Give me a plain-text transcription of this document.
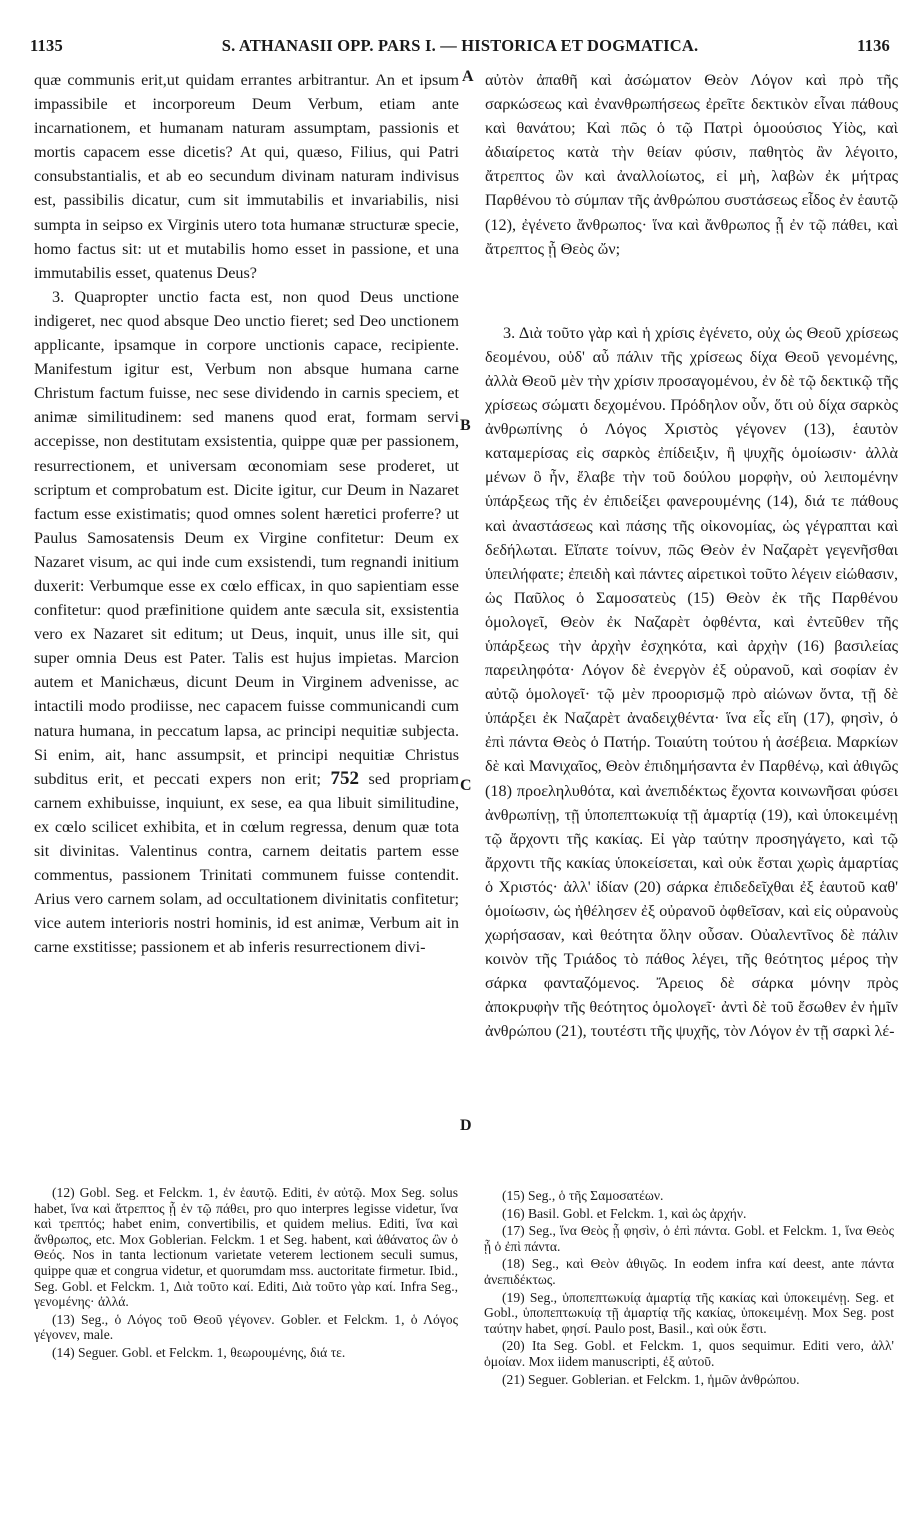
1135	S. ATHANASII OPP. PARS I. — HISTORICA ET DOGMATICA.	1136
A
B
C
D

quæ communis erit,ut quidam errantes arbitrantur. An et ipsum impassibile et incorporeum Deum Verbum, etiam ante incarnationem, et humanam naturam assumptam, passionis et mortis capacem esse dicetis? At qui, quæso, Filius, qui Patri consubstantialis, et ab eo secundum divinam naturam indivisus est, passibilis dicatur, cum sit immutabilis et invariabilis, nisi sumpta in seipso ex Virginis utero tota humanæ structuræ specie, homo factus sit: ut et mutabilis homo esset in passione, et una immutabilis esset, quatenus Deus?

3. Quapropter unctio facta est, non quod Deus unctione indigeret, nec quod absque Deo unctio fieret; sed Deo unctionem applicante, ipsamque in corpore unctionis capace, recipiente. Manifestum igitur est, Verbum non absque humana carne Christum factum fuisse, nec sese dividendo in carnis speciem, et animæ similitudinem: sed manens quod erat, formam servi accepisse, non destitutam exsistentia, quippe quæ per passionem, resurrectionem, et universam œconomiam sese proderet, ut scriptum et comprobatum est. Dicite igitur, cur Deum in Nazaret factum esse existimatis; quod omnes solent hæretici proferre? ut Paulus Samosatensis Deum ex Virgine confitetur: Deum ex Nazaret visum, ac qui inde cum exsistendi, tum regnandi initium duxerit: Verbumque esse ex cœlo efficax, in quo sapientiam esse confitetur: quod præfinitione quidem ante sæcula sit, exsistentia vero ex Nazaret sit editum; ut Deus, inquit, unus ille sit, qui super omnia Deus est Pater. Talis est hujus impietas. Marcion autem et Manichæus, dicunt Deum in Virginem advenisse, ac intactili modo prodiisse, nec capacem fuisse communicandi cum natura humana, in peccatum lapsa, ac principi nequitiæ subjecta. Si enim, ait, hanc assumpsit, et principi nequitiæ Christus subditus erit, et peccati expers non erit; 752 sed propriam carnem exhibuisse, inquiunt, ex sese, ea qua libuit similitudine, ex cœlo scilicet exhibita, et in cœlum regressa, denum quæ tota sit divinitas. Valentinus contra, carnem deitatis partem esse commentus, passionem Trinitati communem fuisse contendit. Arius vero carnem solam, ad occultationem divinitatis confitetur; vice autem interioris nostri hominis, id est animæ, Verbum ait in carne exstitisse; passionem et ab inferis resurrectionem divi-

αὐτὸν ἀπαθῆ καὶ ἀσώματον Θεὸν Λόγον καὶ πρὸ τῆς σαρκώσεως καὶ ἐνανθρωπήσεως ἐρεῖτε δεκτικὸν εἶναι πάθους καὶ θανάτου; Καὶ πῶς ὁ τῷ Πατρὶ ὁμοούσιος Υἱὸς, καὶ ἀδιαίρετος κατὰ τὴν θείαν φύσιν, παθητὸς ἂν λέγοιτο, ἄτρεπτος ὢν καὶ ἀναλλοίωτος, εἰ μὴ, λαβὼν ἐκ μήτρας Παρθένου τὸ σύμπαν τῆς ἀνθρώπου συστάσεως εἶδος ἐν ἑαυτῷ (12), ἐγένετο ἄνθρωπος· ἵνα καὶ ἄνθρωπος ᾖ ἐν τῷ πάθει, καὶ ἄτρεπτος ᾖ Θεὸς ὤν;

3. Διὰ τοῦτο γὰρ καὶ ἡ χρίσις ἐγένετο, οὐχ ὡς Θεοῦ χρίσεως δεομένου, οὐδ' αὖ πάλιν τῆς χρίσεως δίχα Θεοῦ γενομένης, ἀλλὰ Θεοῦ μὲν τὴν χρίσιν προσαγομένου, ἐν δὲ τῷ δεκτικῷ τῆς χρίσεως σώματι δεχομένου. Πρόδηλον οὖν, ὅτι οὐ δίχα σαρκὸς ἀνθρωπίνης ὁ Λόγος Χριστὸς γέγονεν (13), ἑαυτὸν καταμερίσας εἰς σαρκὸς ἐπίδειξιν, ἢ ψυχῆς ὁμοίωσιν· ἀλλὰ μένων ὃ ἦν, ἔλαβε τὴν τοῦ δούλου μορφὴν, οὐ λειπομένην ὑπάρξεως τῆς ἐν ἐπιδείξει φανερουμένης (14), διά τε πάθους καὶ ἀναστάσεως καὶ πάσης τῆς οἰκονομίας, ὡς γέγραπται καὶ δεδήλωται. Εἴπατε τοίνυν, πῶς Θεὸν ἐν Ναζαρὲτ γεγενῆσθαι ὑπειλήφατε; ἐπειδὴ καὶ πάντες αἱρετικοὶ τοῦτο λέγειν εἰώθασιν, ὡς Παῦλος ὁ Σαμοσατεὺς (15) Θεὸν ἐκ τῆς Παρθένου ὁμολογεῖ, Θεὸν ἐκ Ναζαρὲτ ὀφθέντα, καὶ ἐντεῦθεν τῆς ὑπάρξεως τὴν ἀρχὴν ἐσχηκότα, καὶ ἀρχὴν (16) βασιλείας παρειληφότα· Λόγον δὲ ἐνεργὸν ἐξ οὐρανοῦ, καὶ σοφίαν ἐν αὐτῷ ὁμολογεῖ· τῷ μὲν προορισμῷ πρὸ αἰώνων ὄντα, τῇ δὲ ὑπάρξει ἐκ Ναζαρὲτ ἀναδειχθέντα· ἵνα εἷς εἴη (17), φησὶν, ὁ ἐπὶ πάντα Θεὸς ὁ Πατήρ. Τοιαύτη τούτου ἡ ἀσέβεια. Μαρκίων δὲ καὶ Μανιχαῖος, Θεὸν ἐπιδημήσαντα ἐν Παρθένῳ, καὶ ἀθιγῶς (18) προεληλυθότα, καὶ ἀνεπιδέκτως ἔχοντα κοινωνῆσαι φύσει ἀνθρωπίνῃ, τῇ ὑποπεπτωκυίᾳ τῇ ἁμαρτίᾳ (19), καὶ ὑποκειμένῃ τῷ ἄρχοντι τῆς κακίας. Εἰ γὰρ ταύτην προσηγάγετο, καὶ τῷ ἄρχοντι τῆς κακίας ὑποκείσεται, καὶ οὐκ ἔσται χωρὶς ἁμαρτίας ὁ Χριστός· ἀλλ' ἰδίαν (20) σάρκα ἐπιδεδεῖχθαι ἐξ ἑαυτοῦ καθ' ὁμοίωσιν, ὡς ἠθέλησεν ἐξ οὐρανοῦ ὀφθεῖσαν, καὶ εἰς οὐρανοὺς χωρήσασαν, καὶ θεότητα ὅλην οὖσαν. Οὐαλεντῖνος δὲ πάλιν κοινὸν τῆς Τριάδος τὸ πάθος λέγει, τῆς θεότητος μέρος τὴν σάρκα φανταζόμενος. Ἄρειος δὲ σάρκα μόνην πρὸς ἀποκρυφὴν τῆς θεότητος ὁμολογεῖ· ἀντὶ δὲ τοῦ ἔσωθεν ἐν ἡμῖν ἀνθρώπου (21), τουτέστι τῆς ψυχῆς, τὸν Λόγον ἐν τῇ σαρκὶ λέ-

(12) Gobl. Seg. et Felckm. 1, ἐν ἑαυτῷ. Editi, ἐν αὐτῷ. Mox Seg. solus habet, ἵνα καὶ ἄτρεπτος ᾖ ἐν τῷ πάθει, pro quo interpres legisse videtur, ἵνα καὶ τρεπτός; habet enim, convertibilis, et quidem melius. Editi, ἵνα καὶ ἄνθρωπος, etc. Mox Goblerian. Felckm. 1 et Seg. habent, καὶ ἀθάνατος ὢν ὁ Θεός. Nos in tanta lectionum varietate veterem lectionem seculi sumus, quippe quæ et congrua videtur, et quorumdam mss. auctoritate firmetur. Ibid., Seg. Gobl. et Felckm. 1, Διὰ τοῦτο καί. Editi, Διὰ τοῦτο γὰρ καί. Infra Seg., γενομένης· ἀλλά.

(13) Seg., ὁ Λόγος τοῦ Θεοῦ γέγονεν. Gobler. et Felckm. 1, ὁ Λόγος γέγονεν, male.

(14) Seguer. Gobl. et Felckm. 1, θεωρουμένης, διά τε.

(15) Seg., ὁ τῆς Σαμοσατέων.

(16) Basil. Gobl. et Felckm. 1, καὶ ὡς ἀρχήν.

(17) Seg., ἵνα Θεὸς ᾖ φησὶν, ὁ ἐπὶ πάντα. Gobl. et Felckm. 1, ἵνα Θεὸς ᾖ ὁ ἐπὶ πάντα.

(18) Seg., καὶ Θεὸν ἀθιγῶς. In eodem infra καί deest, ante πάντα ἀνεπιδέκτως.

(19) Seg., ὑποπεπτωκυίᾳ ἁμαρτίᾳ τῆς κακίας καὶ ὑποκειμένῃ. Seg. et Gobl., ὑποπεπτωκυίᾳ τῇ ἁμαρτίᾳ τῆς κακίας, ὑποκειμένῃ. Mox Seg. post ταύτην habet, φησί. Paulo post, Basil., καὶ οὐκ ἔστι.

(20) Ita Seg. Gobl. et Felckm. 1, quos sequimur. Editi vero, ἀλλ' ὁμοίαν. Mox iidem manuscripti, ἐξ αὐτοῦ.

(21) Seguer. Goblerian. et Felckm. 1, ἡμῶν ἀνθρώπου.
